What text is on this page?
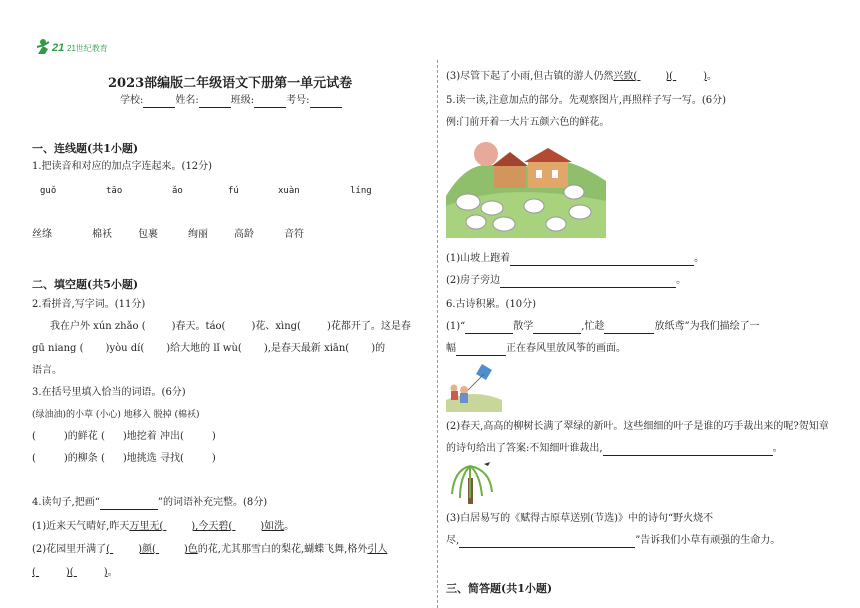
21 21世纪教育
2023部编版二年级语文下册第一单元试卷
学校:	姓名:	班级:	考号:
一、连线题(共1小题)
1.把读音和对应的加点字连起来。(12分)
guǒ	tāo	ǎo	fú	xuàn	líng
丝绦	棉袄	包裹	绚丽	高龄	音符
二、填空题(共5小题)
2.看拼音,写字词。(11分)
我在户外 xún zhǎo (	)春天。táo(	)花、xìng(	)花都开了。这是春
gū niang ( )yòu dí( )给大地的 lǐ wù( ),是春天最新 xiān( )的
语言。
3.在括号里填入恰当的词语。(6分)
(绿油油)的小草 (小心) 地移入 脱掉 (棉袄)
(	)的鲜花 ( )地挖着 冲出(	)
(	)的柳条 ( )地挑选 寻找(	)
4.读句子,把画“	”的词语补充完整。(8分)
(1)近来天气晴好,昨天万里无(	),今天碧(	)如洗。
(2)花园里开满了(	)颜(	)色的花,尤其那雪白的梨花,蝴蝶飞舞,格外引人
(	)(	)。
(3)尽管下起了小雨,但古镇的游人仍然兴致(	)(	)。
5.读一读,注意加点的部分。先观察图片,再照样子写一写。(6分)
例:门前开着一大片五颜六色的鲜花。
(1)山坡上跑着	。
(2)房子旁边	。
6.古诗积累。(10分)
(1)“	散学	,忙趁	放纸鸢”为我们描绘了一
幅	正在春风里放风筝的画面。
(2)春天,高高的柳树长满了翠绿的新叶。这些细细的叶子是谁的巧手裁出来的呢?贺知章
的诗句给出了答案:不知细叶谁裁出,	。
(3)白居易写的《赋得古原草送别(节选)》中的诗句“野火烧不
尽,	”告诉我们小草有顽强的生命力。
三、简答题(共1小题)
